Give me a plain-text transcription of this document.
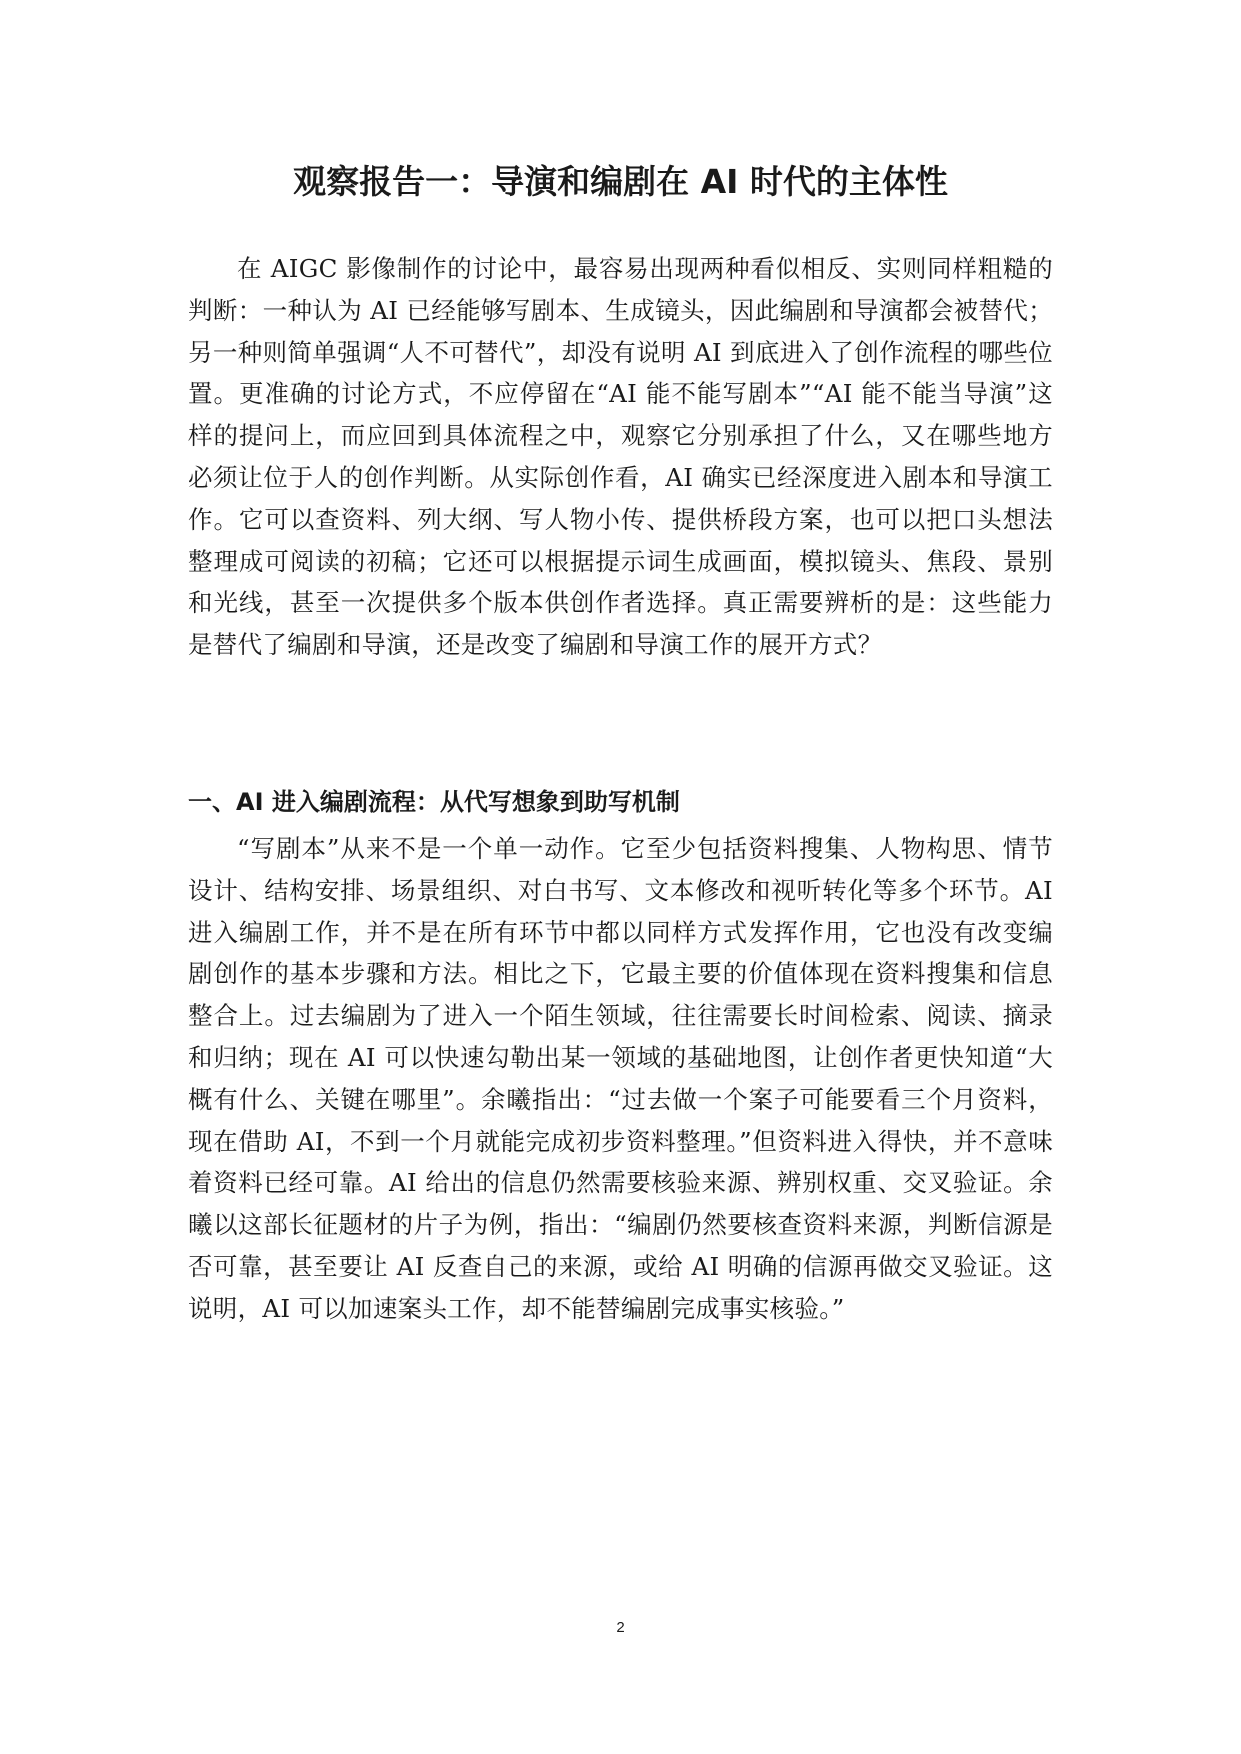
观察报告一：导演和编剧在 AI 时代的主体性

在 AIGC 影像制作的讨论中，最容易出现两种看似相反、实则同样粗糙的判断：一种认为 AI 已经能够写剧本、生成镜头，因此编剧和导演都会被替代；另一种则简单强调“人不可替代”，却没有说明 AI 到底进入了创作流程的哪些位置。更准确的讨论方式，不应停留在“AI 能不能写剧本”“AI 能不能当导演”这样的提问上，而应回到具体流程之中，观察它分别承担了什么，又在哪些地方必须让位于人的创作判断。从实际创作看，AI 确实已经深度进入剧本和导演工作。它可以查资料、列大纲、写人物小传、提供桥段方案，也可以把口头想法整理成可阅读的初稿；它还可以根据提示词生成画面，模拟镜头、焦段、景别和光线，甚至一次提供多个版本供创作者选择。真正需要辨析的是：这些能力是替代了编剧和导演，还是改变了编剧和导演工作的展开方式？

一、AI 进入编剧流程：从代写想象到助写机制

“写剧本”从来不是一个单一动作。它至少包括资料搜集、人物构思、情节设计、结构安排、场景组织、对白书写、文本修改和视听转化等多个环节。AI 进入编剧工作，并不是在所有环节中都以同样方式发挥作用，它也没有改变编剧创作的基本步骤和方法。相比之下，它最主要的价值体现在资料搜集和信息整合上。过去编剧为了进入一个陌生领域，往往需要长时间检索、阅读、摘录和归纳；现在 AI 可以快速勾勒出某一领域的基础地图，让创作者更快知道“大概有什么、关键在哪里”。余曦指出：“过去做一个案子可能要看三个月资料，现在借助 AI，不到一个月就能完成初步资料整理。”但资料进入得快，并不意味着资料已经可靠。AI 给出的信息仍然需要核验来源、辨别权重、交叉验证。余曦以这部长征题材的片子为例，指出：“编剧仍然要核查资料来源，判断信源是否可靠，甚至要让 AI 反查自己的来源，或给 AI 明确的信源再做交叉验证。这说明，AI 可以加速案头工作，却不能替编剧完成事实核验。”

2
